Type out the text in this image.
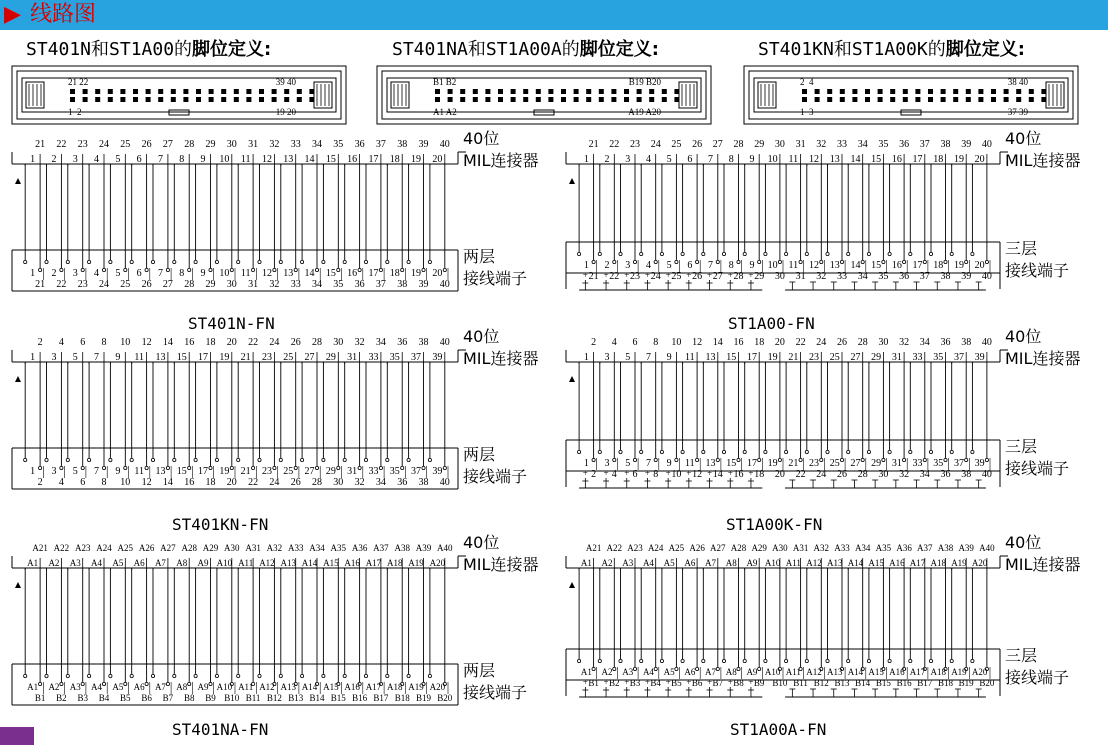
▶ 线路图
ST401N和ST1A00的脚位定义:	ST401NA和ST1A00A的脚位定义:	ST401KN和ST1A00K的脚位定义:
21 22	39 40
1  2	19 20
B1 B2	B19 B20
A1 A2	A19 A20
2  4	38 40
1  3	37 39
40位
MIL连接器
两层
接线端子
40位
MIL连接器
三层
接线端子
40位
MIL连接器
两层
接线端子
40位
MIL连接器
三层
接线端子
40位
MIL连接器
两层
接线端子
40位
MIL连接器
三层
接线端子
ST401N-FN	ST1A00-FN
ST401KN-FN	ST1A00K-FN
ST401NA-FN	ST1A00A-FN
21
1
1
21
22
2
2
22
23
3
3
23
24
4
4
24
25
5
5
25
26
6
6
26
27
7
7
27
28
8
8
28
29
9
9
29
30
10
10
30
31
11
11
31
32
12
12
32
33
13
13
33
34
14
14
34
35
15
15
35
36
16
16
36
37
17
17
37
38
18
18
38
39
19
19
39
40
20
20
40
21
1
1
21
+
22
2
2
22
+
23
3
3
23
+
24
4
4
24
+
25
5
5
25
+
26
6
6
26
+
27
7
7
27
+
28
8
8
28
+
29
9
9
29
+
30
10
10
30
31
11
11
31
32
12
12
32
33
13
13
33
34
14
14
34
35
15
15
35
36
16
16
36
37
17
17
37
38
18
18
38
39
19
19
39
40
20
20
40
2
1
1
2
4
3
3
4
6
5
5
6
8
7
7
8
10
9
9
10
12
11
11
12
14
13
13
14
16
15
15
16
18
17
17
18
20
19
19
20
22
21
21
22
24
23
23
24
26
25
25
26
28
27
27
28
30
29
29
30
32
31
31
32
34
33
33
34
36
35
35
36
38
37
37
38
40
39
39
40
2
1
1
2
+
4
3
3
4
+
6
5
5
6
+
8
7
7
8
+
10
9
9
10
+
12
11
11
12
+
14
13
13
14
+
16
15
15
16
+
18
17
17
18
+
20
19
19
20
22
21
21
22
24
23
23
24
26
25
25
26
28
27
27
28
30
29
29
30
32
31
31
32
34
33
33
34
36
35
35
36
38
37
37
38
40
39
39
40
A21
A1
A1
B1
A22
A2
A2
B2
A23
A3
A3
B3
A24
A4
A4
B4
A25
A5
A5
B5
A26
A6
A6
B6
A27
A7
A7
B7
A28
A8
A8
B8
A29
A9
A9
B9
A30
A10
A10
B10
A31
A11
A11
B11
A32
A12
A12
B12
A33
A13
A13
B13
A34
A14
A14
B14
A35
A15
A15
B15
A36
A16
A16
B16
A37
A17
A17
B17
A38
A18
A18
B18
A39
A19
A19
B19
A40
A20
A20
B20
A21
A1
A1
B1
+
A22
A2
A2
B2
+
A23
A3
A3
B3
+
A24
A4
A4
B4
+
A25
A5
A5
B5
+
A26
A6
A6
B6
+
A27
A7
A7
B7
+
A28
A8
A8
B8
+
A29
A9
A9
B9
+
A30
A10
A10
B10
A31
A11
A11
B11
A32
A12
A12
B12
A33
A13
A13
B13
A34
A14
A14
B14
A35
A15
A15
B15
A36
A16
A16
B16
A37
A17
A17
B17
A38
A18
A18
B18
A39
A19
A19
B19
A40
A20
A20
B20
